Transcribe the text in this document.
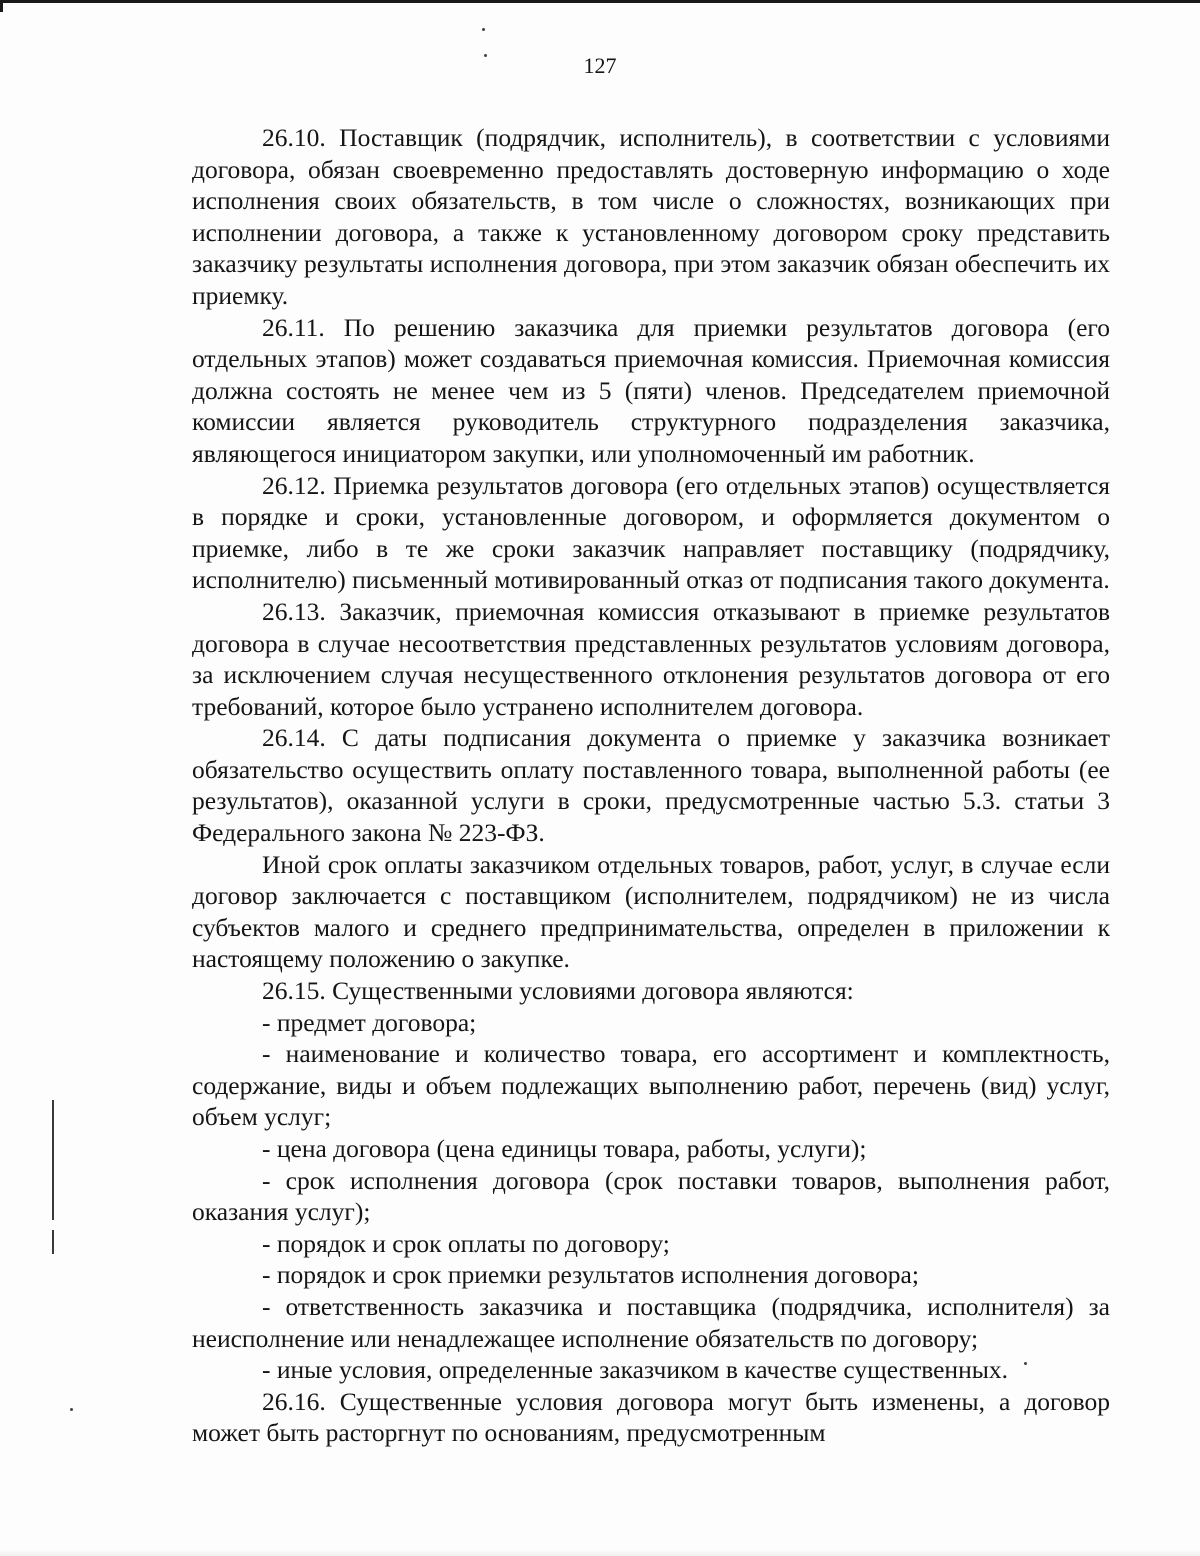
127

26.10. Поставщик (подрядчик, исполнитель), в соответствии с условиями договора, обязан своевременно предоставлять достоверную информацию о ходе исполнения своих обязательств, в том числе о сложностях, возникающих при исполнении договора, а также к установленному договором сроку представить заказчику результаты исполнения договора, при этом заказчик обязан обеспечить их приемку.

26.11. По решению заказчика для приемки результатов договора (его отдельных этапов) может создаваться приемочная комиссия. Приемочная комиссия должна состоять не менее чем из 5 (пяти) членов. Председателем приемочной комиссии является руководитель структурного подразделения заказчика, являющегося инициатором закупки, или уполномоченный им работник.

26.12. Приемка результатов договора (его отдельных этапов) осуществляется в порядке и сроки, установленные договором, и оформляется документом о приемке, либо в те же сроки заказчик направляет поставщику (подрядчику, исполнителю) письменный мотивированный отказ от подписания такого документа.

26.13. Заказчик, приемочная комиссия отказывают в приемке результатов договора в случае несоответствия представленных результатов условиям договора, за исключением случая несущественного отклонения результатов договора от его требований, которое было устранено исполнителем договора.

26.14. С даты подписания документа о приемке у заказчика возникает обязательство осуществить оплату поставленного товара, выполненной работы (ее результатов), оказанной услуги в сроки, предусмотренные частью 5.3. статьи 3 Федерального закона № 223-ФЗ.

Иной срок оплаты заказчиком отдельных товаров, работ, услуг, в случае если договор заключается с поставщиком (исполнителем, подрядчиком) не из числа субъектов малого и среднего предпринимательства, определен в приложении к настоящему положению о закупке.

26.15. Существенными условиями договора являются:

- предмет договора;

- наименование и количество товара, его ассортимент и комплектность, содержание, виды и объем подлежащих выполнению работ, перечень (вид) услуг, объем услуг;

- цена договора (цена единицы товара, работы, услуги);

- срок исполнения договора (срок поставки товаров, выполнения работ, оказания услуг);

- порядок и срок оплаты по договору;

- порядок и срок приемки результатов исполнения договора;

- ответственность заказчика и поставщика (подрядчика, исполнителя) за неисполнение или ненадлежащее исполнение обязательств по договору;

- иные условия, определенные заказчиком в качестве существенных.

26.16. Существенные условия договора могут быть изменены, а договор может быть расторгнут по основаниям, предусмотренным
